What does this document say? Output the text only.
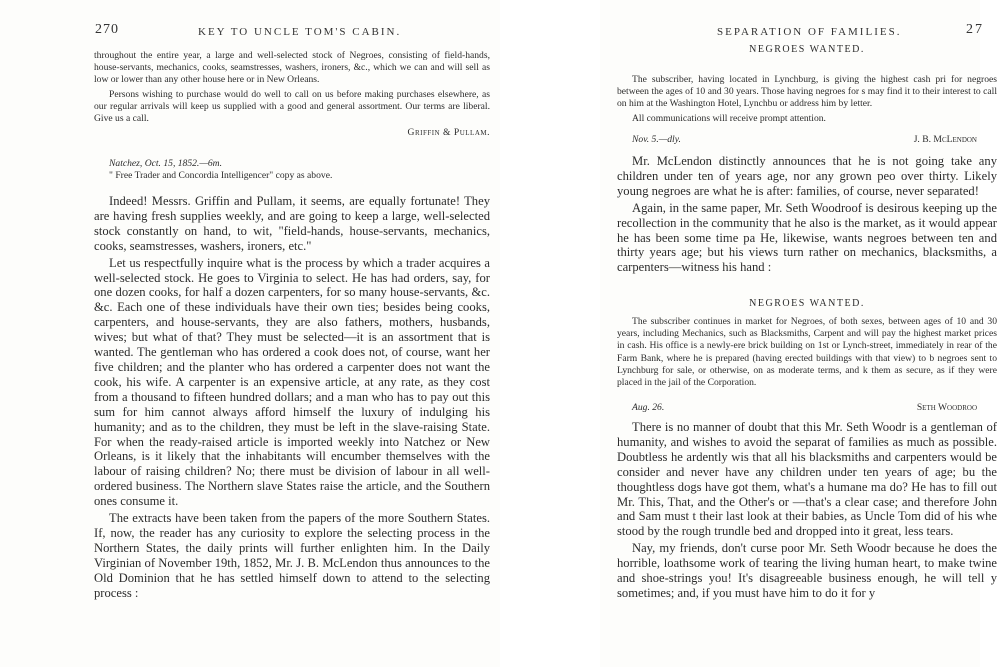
270	KEY TO UNCLE TOM'S CABIN.	SEPARATION OF FAMILIES.	27

throughout the entire year, a large and well-selected stock of Negroes, consisting of field-hands, house-servants, mechanics, cooks, seamstresses, washers, ironers, &c., which we can and will sell as low or lower than any other house here or in New Orleans.

Persons wishing to purchase would do well to call on us before making purchases elsewhere, as our regular arrivals will keep us supplied with a good and general assortment. Our terms are liberal. Give us a call.

Griffin & Pullam.

Natchez, Oct. 15, 1852.—6m.

" Free Trader and Concordia Intelligencer" copy as above.

Indeed! Messrs. Griffin and Pullam, it seems, are equally fortunate! They are having fresh supplies weekly, and are going to keep a large, well-selected stock constantly on hand, to wit, "field-hands, house-servants, mechanics, cooks, seamstresses, washers, ironers, etc."

Let us respectfully inquire what is the process by which a trader acquires a well-selected stock. He goes to Virginia to select. He has had orders, say, for one dozen cooks, for half a dozen carpenters, for so many house-servants, &c. &c. Each one of these individuals have their own ties; besides being cooks, carpenters, and house-servants, they are also fathers, mothers, husbands, wives; but what of that? They must be selected—it is an assortment that is wanted. The gentleman who has ordered a cook does not, of course, want her five children; and the planter who has ordered a carpenter does not want the cook, his wife. A carpenter is an expensive article, at any rate, as they cost from a thousand to fifteen hundred dollars; and a man who has to pay out this sum for him cannot always afford himself the luxury of indulging his humanity; and as to the children, they must be left in the slave-raising State. For when the ready-raised article is imported weekly into Natchez or New Orleans, is it likely that the inhabitants will encumber themselves with the labour of raising children? No; there must be division of labour in all well-ordered business. The Northern slave States raise the article, and the Southern ones consume it.

The extracts have been taken from the papers of the more Southern States. If, now, the reader has any curiosity to explore the selecting process in the Northern States, the daily prints will further enlighten him. In the Daily Virginian of November 19th, 1852, Mr. J. B. McLendon thus announces to the Old Dominion that he has settled himself down to attend to the selecting process :

NEGROES WANTED.

The subscriber, having located in Lynchburg, is giving the highest cash pri for negroes between the ages of 10 and 30 years. Those having negroes for s may find it to their interest to call on him at the Washington Hotel, Lynchbu or address him by letter.

All communications will receive prompt attention.

Nov. 5.—dly.	J. B. McLendon

Mr. McLendon distinctly announces that he is not going take any children under ten of years age, nor any grown peo over thirty. Likely young negroes are what he is after: families, of course, never separated!

Again, in the same paper, Mr. Seth Woodroof is desirous keeping up the recollection in the community that he also is the market, as it would appear he has been some time pa He, likewise, wants negroes between ten and thirty years age; but his views turn rather on mechanics, blacksmiths, a carpenters—witness his hand :

NEGROES WANTED.

The subscriber continues in market for Negroes, of both sexes, between ages of 10 and 30 years, including Mechanics, such as Blacksmiths, Carpent and will pay the highest market prices in cash. His office is a newly-ere brick building on 1st or Lynch-street, immediately in rear of the Farm Bank, where he is prepared (having erected buildings with that view) to b negroes sent to Lynchburg for sale, or otherwise, on as moderate terms, and k them as secure, as if they were placed in the jail of the Corporation.

Aug. 26.	Seth Woodroo

There is no manner of doubt that this Mr. Seth Woodr is a gentleman of humanity, and wishes to avoid the separat of families as much as possible. Doubtless he ardently wis that all his blacksmiths and carpenters would be consider and never have any children under ten years of age; bu the thoughtless dogs have got them, what's a humane ma do? He has to fill out Mr. This, That, and the Other's or —that's a clear case; and therefore John and Sam must t their last look at their babies, as Uncle Tom did of his whe stood by the rough trundle bed and dropped into it great, less tears.

Nay, my friends, don't curse poor Mr. Seth Woodr because he does the horrible, loathsome work of tearing the living human heart, to make twine and shoe-strings you! It's disagreeable business enough, he will tell y sometimes; and, if you must have him to do it for y
